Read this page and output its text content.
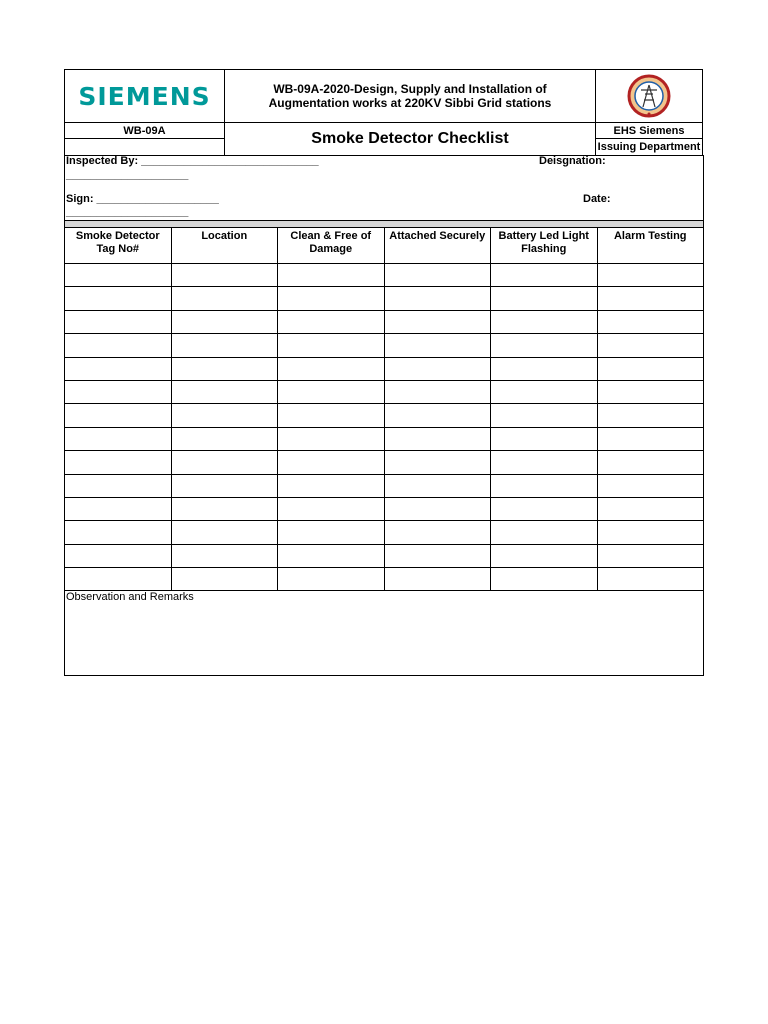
SIEMENS	WB-09A-2020-Design, Supply and Installation of Augmentation works at 220KV Sibbi Grid stations
WB-09A	Smoke Detector Checklist	EHS Siemens
Issuing Department
Inspected By: _____________________________
____________________
Deisgnation:
Sign: ____________________
____________________
Date:
Smoke Detector Tag No#	Location	Clean & Free of Damage	Attached Securely	Battery Led Light Flashing	Alarm Testing

Observation and Remarks
